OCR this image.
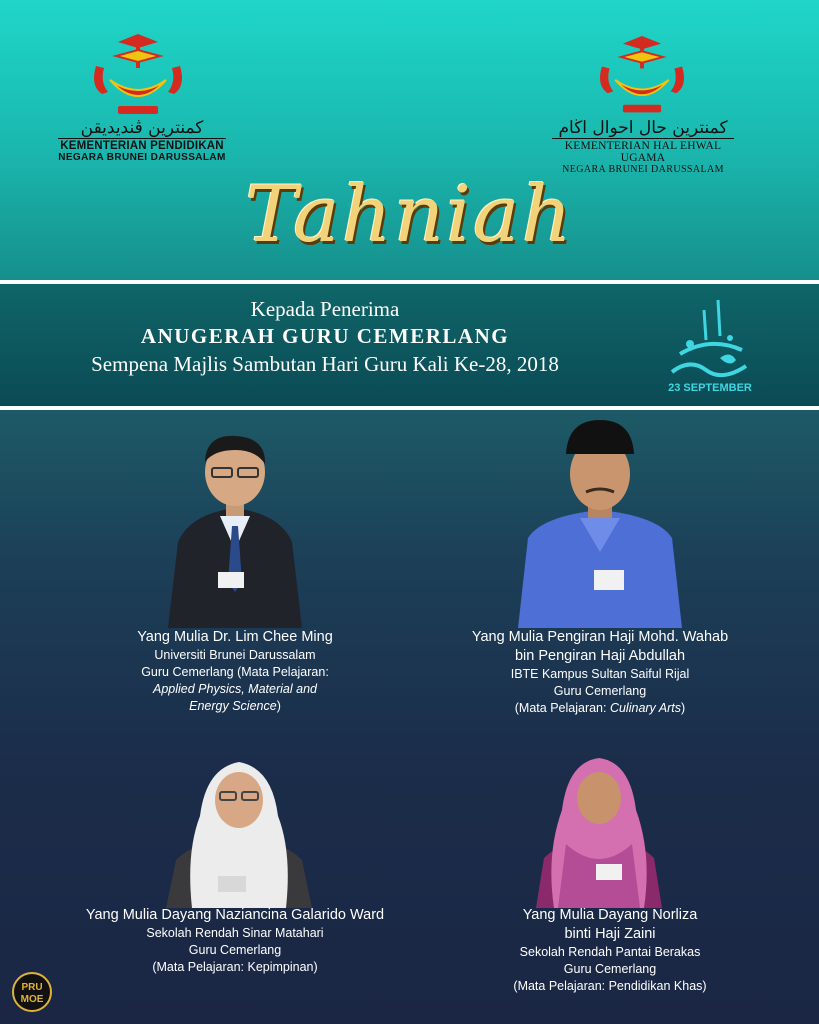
كمنترين ڤنديديقن
KEMENTERIAN PENDIDIKAN
NEGARA BRUNEI DARUSSALAM
كمنترين حال احوال اڬام
KEMENTERIAN HAL EHWAL UGAMA
NEGARA BRUNEI DARUSSALAM
Tahniah
Kepada Penerima
ANUGERAH GURU CEMERLANG
Sempena Majlis Sambutan Hari Guru Kali Ke-28, 2018
23 SEPTEMBER
Yang Mulia Dr. Lim Chee Ming
Universiti Brunei Darussalam
Guru Cemerlang (Mata Pelajaran:
Applied Physics, Material and
Energy Science)
Yang Mulia Pengiran Haji Mohd. Wahab
bin Pengiran Haji Abdullah
IBTE Kampus Sultan Saiful Rijal
Guru Cemerlang
(Mata Pelajaran: Culinary Arts)
Yang Mulia Dayang Naziancina Galarido Ward
Sekolah Rendah Sinar Matahari
Guru Cemerlang
(Mata Pelajaran: Kepimpinan)
Yang Mulia Dayang Norliza
binti Haji Zaini
Sekolah Rendah Pantai Berakas
Guru Cemerlang
(Mata Pelajaran: Pendidikan Khas)
PRU
MOE
